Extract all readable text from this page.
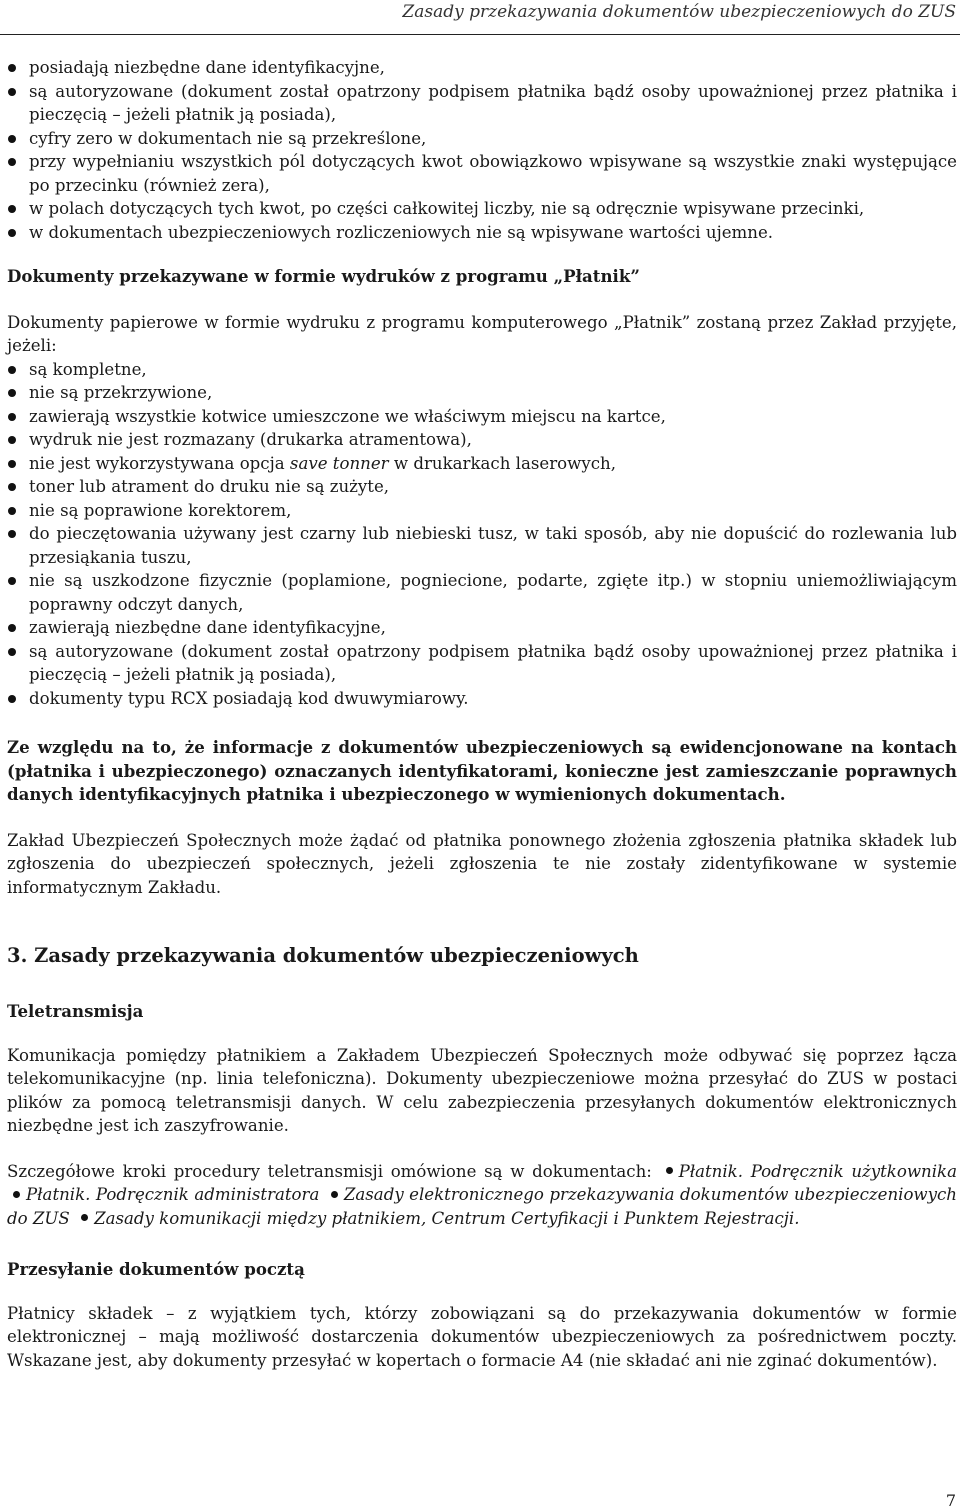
Zasady przekazywania dokumentów ubezpieczeniowych do ZUS
posiadają niezbędne dane identyfikacyjne,
są autoryzowane (dokument został opatrzony podpisem płatnika bądź osoby upoważnionej przez płatnika i pieczęcią – jeżeli płatnik ją posiada),
cyfry zero w dokumentach nie są przekreślone,
przy wypełnianiu wszystkich pól dotyczących kwot obowiązkowo wpisywane są wszystkie znaki występujące po przecinku (również zera),
w polach dotyczących tych kwot, po części całkowitej liczby, nie są odręcznie wpisywane przecinki,
w dokumentach ubezpieczeniowych rozliczeniowych nie są wpisywane wartości ujemne.
Dokumenty przekazywane w formie wydruków z programu „Płatnik”

Dokumenty papierowe w formie wydruku z programu komputerowego „Płatnik” zostaną przez Zakład przyjęte, jeżeli:

są kompletne,
nie są przekrzywione,
zawierają wszystkie kotwice umieszczone we właściwym miejscu na kartce,
wydruk nie jest rozmazany (drukarka atramentowa),
nie jest wykorzystywana opcja save tonner w drukarkach laserowych,
toner lub atrament do druku nie są zużyte,
nie są poprawione korektorem,
do pieczętowania używany jest czarny lub niebieski tusz, w taki sposób, aby nie dopuścić do rozlewania lub przesiąkania tuszu,
nie są uszkodzone fizycznie (poplamione, pogniecione, podarte, zgięte itp.) w stopniu uniemożliwiającym poprawny odczyt danych,
zawierają niezbędne dane identyfikacyjne,
są autoryzowane (dokument został opatrzony podpisem płatnika bądź osoby upoważnionej przez płatnika i pieczęcią – jeżeli płatnik ją posiada),
dokumenty typu RCX posiadają kod dwuwymiarowy.

Ze względu na to, że informacje z dokumentów ubezpieczeniowych są ewidencjonowane na kontach (płatnika i ubezpieczonego) oznaczanych identyfikatorami, konieczne jest zamieszczanie poprawnych danych identyfikacyjnych płatnika i ubezpieczonego w wymienionych dokumentach.

Zakład Ubezpieczeń Społecznych może żądać od płatnika ponownego złożenia zgłoszenia płatnika składek lub zgłoszenia do ubezpieczeń społecznych, jeżeli zgłoszenia te nie zostały zidentyfikowane w systemie informatycznym Zakładu.

3. Zasady przekazywania dokumentów ubezpieczeniowych
Teletransmisja

Komunikacja pomiędzy płatnikiem a Zakładem Ubezpieczeń Społecznych może odbywać się poprzez łącza telekomunikacyjne (np. linia telefoniczna). Dokumenty ubezpieczeniowe można przesyłać do ZUS w postaci plików za pomocą teletransmisji danych. W celu zabezpieczenia przesyłanych dokumentów elektronicznych niezbędne jest ich zaszyfrowanie.

Szczegółowe kroki procedury teletransmisji omówione są w dokumentach: Płatnik. Podręcznik użytkownika Płatnik. Podręcznik administratora Zasady elektronicznego przekazywania dokumentów ubezpieczeniowych do ZUS Zasady komunikacji między płatnikiem, Centrum Certyfikacji i Punktem Rejestracji.

Przesyłanie dokumentów pocztą

Płatnicy składek – z wyjątkiem tych, którzy zobowiązani są do przekazywania dokumentów w formie elektronicznej – mają możliwość dostarczenia dokumentów ubezpieczeniowych za pośrednictwem poczty. Wskazane jest, aby dokumenty przesyłać w kopertach o formacie A4 (nie składać ani nie zginać dokumentów).

7
